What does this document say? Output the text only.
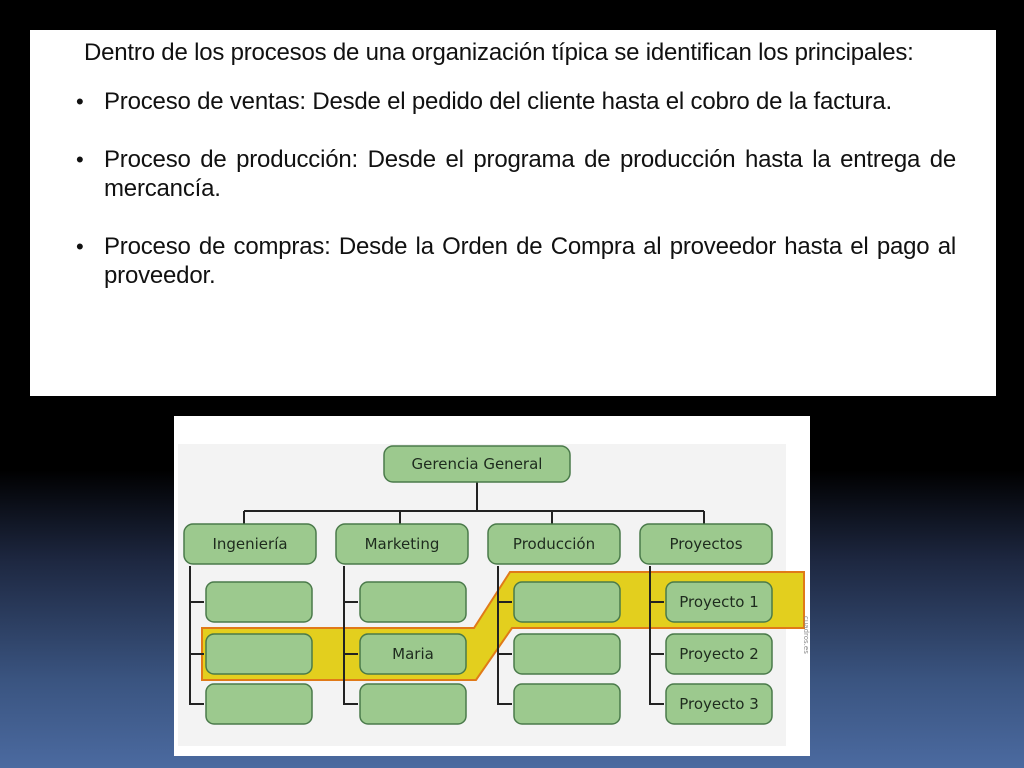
Dentro de los procesos de una organización típica se identifican los principales:

• Proceso de ventas: Desde el pedido del cliente hasta el cobro de la factura.
• Proceso de producción: Desde el programa de producción hasta la entrega de mercancía.
• Proceso de compras: Desde la Orden de Compra al proveedor hasta el pago al proveedor.
Gerencia General
Ingeniería	Marketing	Producción	Proyectos
Maria
Proyecto 1
Proyecto 2
Proyecto 3
cuadros.es
